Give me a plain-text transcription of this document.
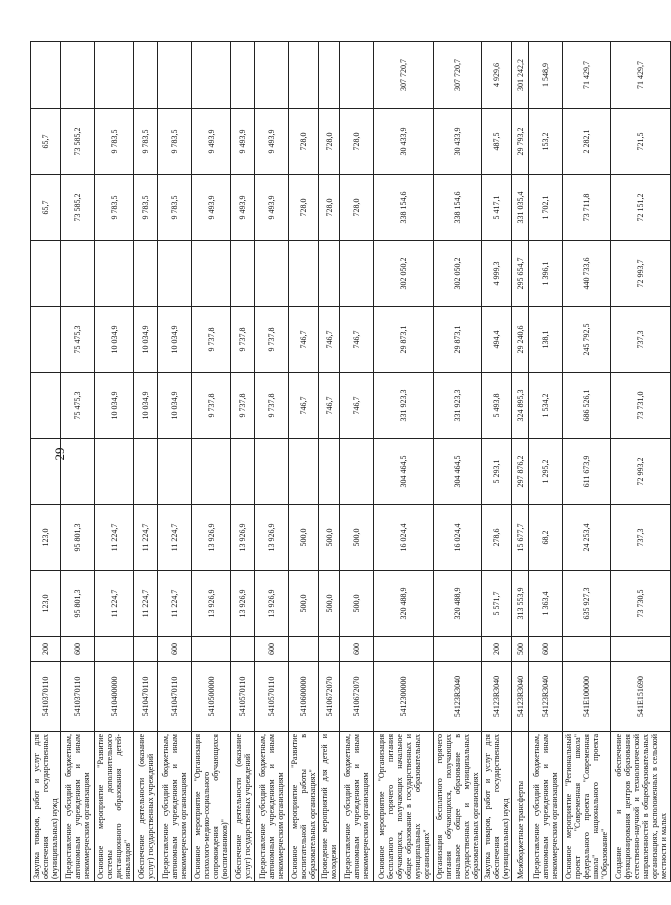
29
Закупка товаров, работ и услуг для обеспечения государственных (муниципальных) нужд	5410370110	200	123,0	123,0					65,7	65,7	
Предоставление субсидий бюджетным, автономным учреждениям и иным некоммерческим организациям	5410370110	600	95 801,3	95 801,3		75 475,3	75 475,3		73 585,2	73 585,2	
Основное мероприятие "Развитие системы дополнительного дистанционного образования детей-инвалидов"	5410400000		11 224,7	11 224,7		10 034,9	10 034,9		9 783,5	9 783,5	
Обеспечение деятельности (оказание услуг) государственных учреждений	5410470110		11 224,7	11 224,7		10 034,9	10 034,9		9 783,5	9 783,5	
Предоставление субсидий бюджетным, автономным учреждениям и иным некоммерческим организациям	5410470110	600	11 224,7	11 224,7		10 034,9	10 034,9		9 783,5	9 783,5	
Основное мероприятие "Организация психолого-медико-социального сопровождения обучающихся (воспитанников)"	5410500000		13 926,9	13 926,9		9 737,8	9 737,8		9 493,9	9 493,9	
Обеспечение деятельности (оказание услуг) государственных учреждений	5410570110		13 926,9	13 926,9		9 737,8	9 737,8		9 493,9	9 493,9	
Предоставление субсидий бюджетным, автономным учреждениям и иным некоммерческим организациям	5410570110	600	13 926,9	13 926,9		9 737,8	9 737,8		9 493,9	9 493,9	
Основное мероприятие "Развитие воспитательной работы в образовательных организациях"	5410600000		500,0	500,0		746,7	746,7		728,0	728,0	
Проведение мероприятий для детей и молодежи	5410672070		500,0	500,0		746,7	746,7		728,0	728,0	
Предоставление субсидий бюджетным, автономным учреждениям и иным некоммерческим организациям	5410672070	600	500,0	500,0		746,7	746,7		728,0	728,0	
Основное мероприятие "Организация бесплатного горячего питания обучающихся, получающих начальное общее образование в государственных и муниципальных образовательных организациях"	5412300000		320 488,9	16 024,4	304 464,5	331 923,3	29 873,1	302 050,2	338 154,6	30 433,9	307 720,7
Организация бесплатного горячего питания обучающихся, получающих начальное общее образование в государственных и муниципальных образовательных организациях	54123R3040		320 488,9	16 024,4	304 464,5	331 923,3	29 873,1	302 050,2	338 154,6	30 433,9	307 720,7
Закупка товаров, работ и услуг для обеспечения государственных (муниципальных) нужд	54123R3040	200	5 571,7	278,6	5 293,1	5 493,8	494,4	4 999,3	5 417,1	487,5	4 929,6
Межбюджетные трансферты	54123R3040	500	313 553,9	15 677,7	297 876,2	324 895,3	29 240,6	295 654,7	331 035,4	29 793,2	301 242,2
Предоставление субсидий бюджетным, автономным учреждениям и иным некоммерческим организациям	54123R3040	600	1 363,4	68,2	1 295,2	1 534,2	138,1	1 396,1	1 702,1	153,2	1 548,9
Основное мероприятие "Региональный проект "Современная школа" федерального проекта "Современная школа" национального проекта "Образование"	541E100000		635 927,3	24 253,4	611 673,9	686 526,1	245 792,5	440 733,6	73 711,8	2 282,1	71 429,7
Создание и обеспечение функционирования центров образования естественно-научной и технологической направленностей в общеобразовательных организациях, расположенных в сельской местности и малых	541E151690		73 730,5	737,3	72 993,2	73 731,0	737,3	72 993,7	72 151,2	721,5	71 429,7
